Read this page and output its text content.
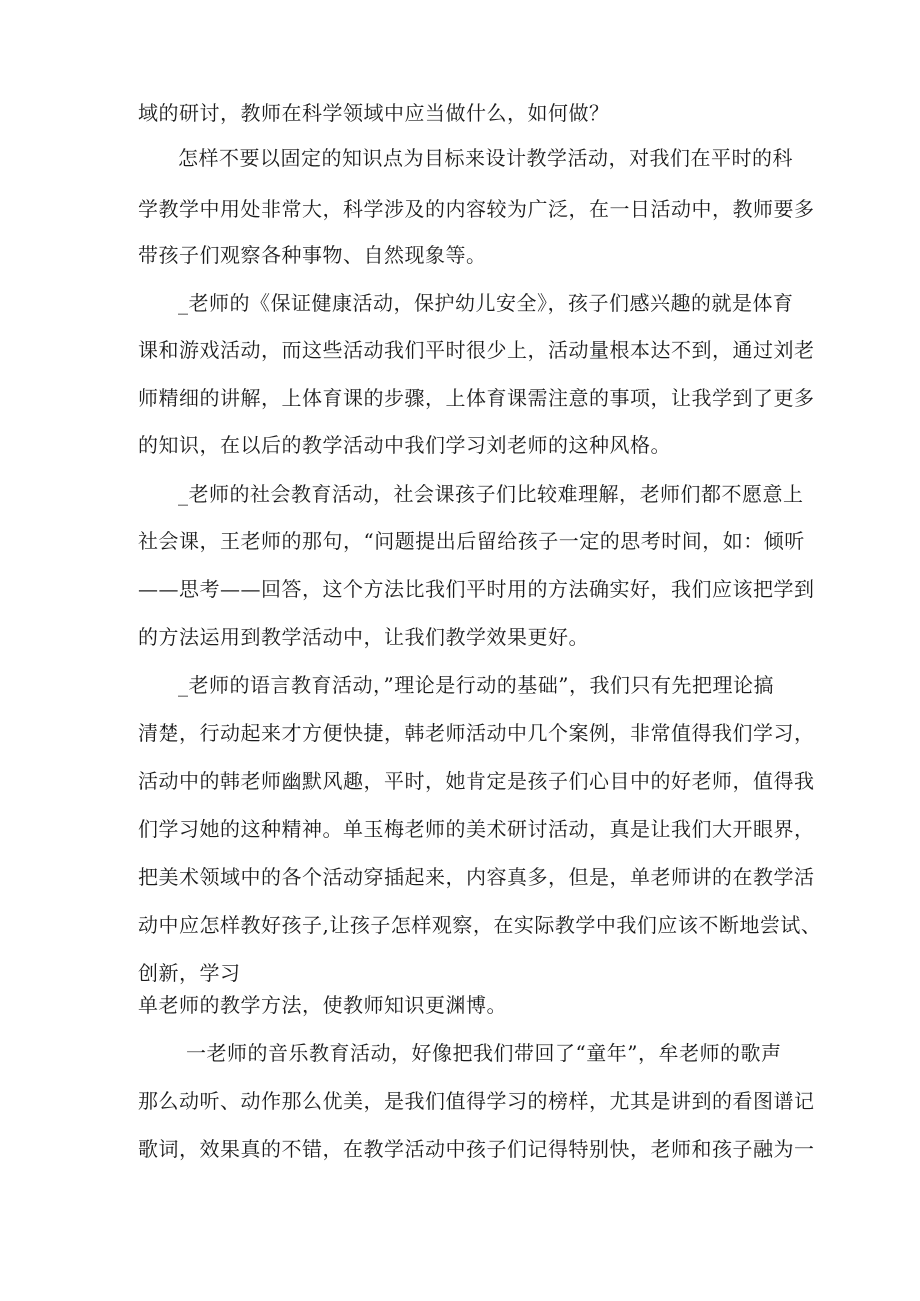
域的研讨，教师在科学领域中应当做什么，如何做？

怎样不要以固定的知识点为目标来设计教学活动，对我们在平时的科

学教学中用处非常大，科学涉及的内容较为广泛，在一日活动中，教师要多

带孩子们观察各种事物、自然现象等。

_老师的《保证健康活动，保护幼儿安全》，孩子们感兴趣的就是体育

课和游戏活动，而这些活动我们平时很少上，活动量根本达不到，通过刘老

师精细的讲解，上体育课的步骤，上体育课需注意的事项，让我学到了更多

的知识，在以后的教学活动中我们学习刘老师的这种风格。

_老师的社会教育活动，社会课孩子们比较难理解，老师们都不愿意上

社会课，王老师的那句，“问题提出后留给孩子一定的思考时间，如：倾听

——思考——回答，这个方法比我们平时用的方法确实好，我们应该把学到

的方法运用到教学活动中，让我们教学效果更好。

_老师的语言教育活动，”理论是行动的基础”，我们只有先把理论搞

清楚，行动起来才方便快捷，韩老师活动中几个案例，非常值得我们学习，

活动中的韩老师幽默风趣，平时，她肯定是孩子们心目中的好老师，值得我

们学习她的这种精神。单玉梅老师的美术研讨活动，真是让我们大开眼界，

把美术领域中的各个活动穿插起来，内容真多，但是，单老师讲的在教学活

动中应怎样教好孩子,让孩子怎样观察，在实际教学中我们应该不断地尝试、

创新，学习

单老师的教学方法，使教师知识更渊博。

一老师的音乐教育活动，好像把我们带回了“童年”，牟老师的歌声

那么动听、动作那么优美，是我们值得学习的榜样，尤其是讲到的看图谱记

歌词，效果真的不错，在教学活动中孩子们记得特别快，老师和孩子融为一
